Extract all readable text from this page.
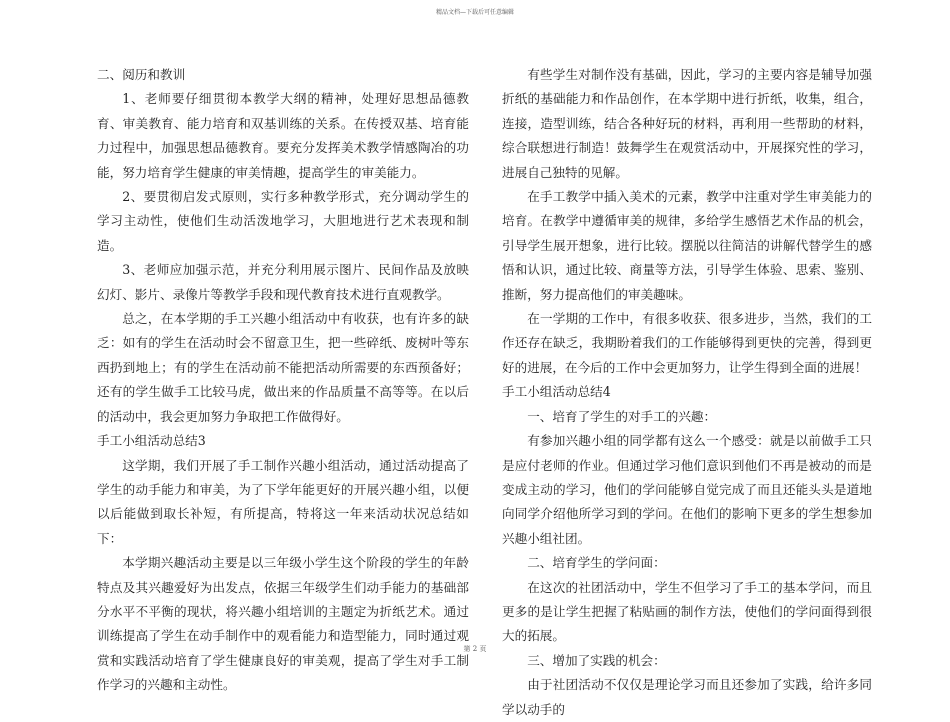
精品文档—下载后可任意编辑

二、阅历和教训

1、老师要仔细贯彻本教学大纲的精神，处理好思想品德教育、审美教育、能力培育和双基训练的关系。在传授双基、培育能力过程中，加强思想品德教育。要充分发挥美术教学情感陶冶的功能，努力培育学生健康的审美情趣，提高学生的审美能力。

2、要贯彻启发式原则，实行多种教学形式，充分调动学生的学习主动性，使他们生动活泼地学习，大胆地进行艺术表现和制造。

3、老师应加强示范，并充分利用展示图片、民间作品及放映幻灯、影片、录像片等教学手段和现代教育技术进行直观教学。

总之，在本学期的手工兴趣小组活动中有收获，也有许多的缺乏：如有的学生在活动时会不留意卫生，把一些碎纸、废树叶等东西扔到地上；有的学生在活动前不能把活动所需要的东西预备好；还有的学生做手工比较马虎，做出来的作品质量不高等等。在以后的活动中，我会更加努力争取把工作做得好。

手工小组活动总结3

这学期，我们开展了手工制作兴趣小组活动，通过活动提高了学生的动手能力和审美，为了下学年能更好的开展兴趣小组，以便以后能做到取长补短，有所提高，特将这一年来活动状况总结如下：

本学期兴趣活动主要是以三年级小学生这个阶段的学生的年龄特点及其兴趣爱好为出发点，依据三年级学生们动手能力的基础部分水平不平衡的现状，将兴趣小组培训的主题定为折纸艺术。通过训练提高了学生在动手制作中的观看能力和造型能力，同时通过观赏和实践活动培育了学生健康良好的审美观，提高了学生对手工制作学习的兴趣和主动性。

有些学生对制作没有基础，因此，学习的主要内容是辅导加强折纸的基础能力和作品创作，在本学期中进行折纸，收集，组合，连接，造型训练，结合各种好玩的材料，再利用一些帮助的材料，综合联想进行制造！鼓舞学生在观赏活动中，开展探究性的学习，进展自己独特的见解。

在手工教学中插入美术的元素，教学中注重对学生审美能力的培育。在教学中遵循审美的规律，多给学生感悟艺术作品的机会，引导学生展开想象，进行比较。摆脱以往简洁的讲解代替学生的感悟和认识，通过比较、商量等方法，引导学生体验、思索、鉴别、推断，努力提高他们的审美趣味。

在一学期的工作中，有很多收获、很多进步，当然，我们的工作还存在缺乏，我期盼着我们的工作能够得到更快的完善，得到更好的进展，在今后的工作中会更加努力，让学生得到全面的进展！

手工小组活动总结4

一、培育了学生的对手工的兴趣：

有参加兴趣小组的同学都有这么一个感受：就是以前做手工只是应付老师的作业。但通过学习他们意识到他们不再是被动的而是变成主动的学习，他们的学问能够自觉完成了而且还能头头是道地向同学介绍他所学习到的学问。在他们的影响下更多的学生想参加兴趣小组社团。

二、培育学生的学问面：

在这次的社团活动中，学生不但学习了手工的基本学问，而且更多的是让学生把握了粘贴画的制作方法，使他们的学问面得到很大的拓展。

三、增加了实践的机会：

由于社团活动不仅仅是理论学习而且还参加了实践，给许多同学以动手的

第 2 页
